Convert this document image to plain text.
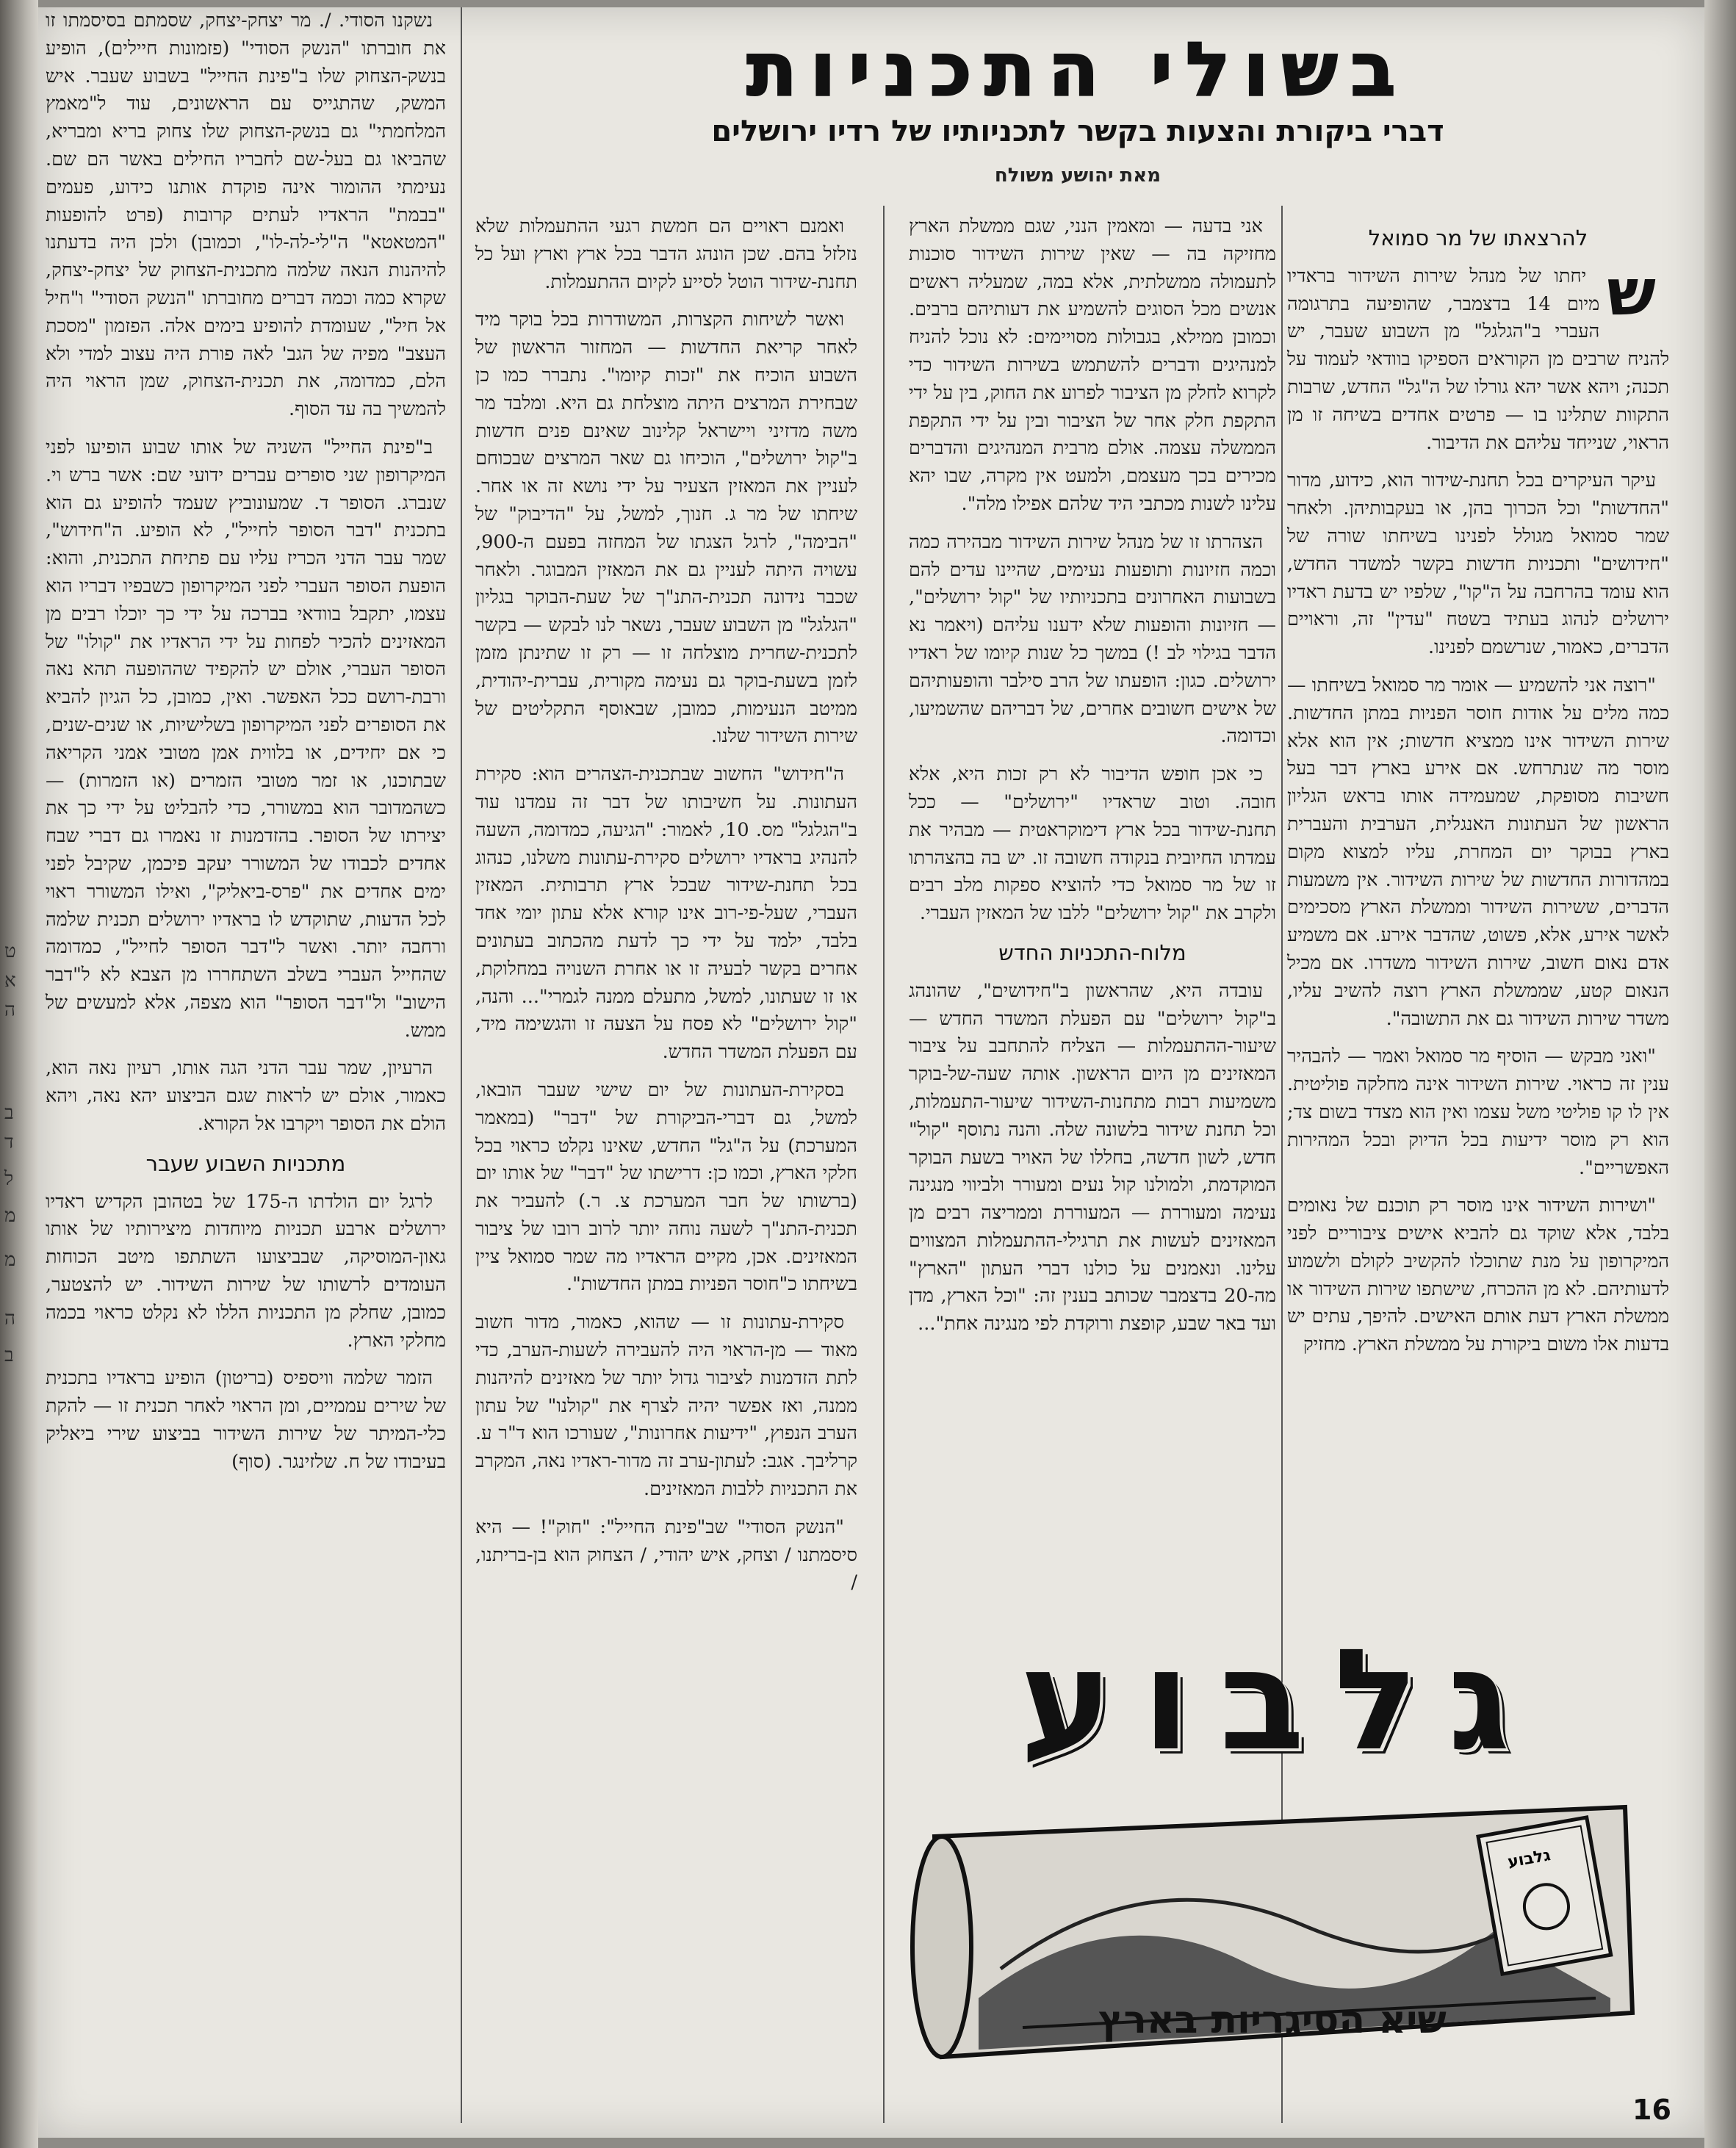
ט
א
ה
ב
ד
ל
מ
מ
ה
ב
בשולי התכניות
דברי ביקורת והצעות בקשר לתכניותיו של רדיו ירושלים
מאת יהושע משולח
להרצאתו של מר סמואל

ש
יחתו של מנהל שירות השידור בראדיו מיום 14 בדצמבר, שהופיעה בתרגומה העברי ב"הגלגל" מן השבוע שעבר, יש להניח שרבים מן הקוראים הספיקו בוודאי לעמוד על תכנה; ויהא אשר יהא גורלו של ה"גל" החדש, שרבות התקוות שתלינו בו — פרטים אחדים בשיחה זו מן הראוי, שנייחד עליהם את הדיבור.

עיקר העיקרים בכל תחנת-שידור הוא, כידוע, מדור "החדשות" וכל הכרוך בהן, או בעקבותיהן. ולאחר שמר סמואל מגולל לפנינו בשיחתו שורה של "חידושים" ותכניות חדשות בקשר למשדר החדש, הוא עומד בהרחבה על ה"קו", שלפיו יש בדעת ראדיו ירושלים לנהוג בעתיד בשטח "עדין" זה, וראויים הדברים, כאמור, שנרשמם לפנינו.

"רוצה אני להשמיע — אומר מר סמואל בשיחתו — כמה מלים על אודות חוסר הפניות במתן החדשות. שירות השידור אינו ממציא חדשות; אין הוא אלא מוסר מה שנתרחש. אם אירע בארץ דבר בעל חשיבות מסופקת, שמעמידה אותו בראש הגליון הראשון של העתונות האנגלית, הערבית והעברית בארץ בבוקר יום המחרת, עליו למצוא מקום במהדורות החדשות של שירות השידור. אין משמעות הדברים, ששירות השידור וממשלת הארץ מסכימים לאשר אירע, אלא, פשוט, שהדבר אירע. אם משמיע אדם נאום חשוב, שירות השידור משדרו. אם מכיל הנאום קטע, שממשלת הארץ רוצה להשיב עליו, משדר שירות השידור גם את התשובה".

"ואני מבקש — הוסיף מר סמואל ואמר — להבהיר ענין זה כראוי. שירות השידור אינה מחלקה פוליטית. אין לו קו פוליטי משל עצמו ואין הוא מצדד בשום צד; הוא רק מוסר ידיעות בכל הדיוק ובכל המהירות האפשריים".

"ושירות השידור אינו מוסר רק תוכנם של נאומים בלבד, אלא שוקד גם להביא אישים ציבוריים לפני המיקרופון על מנת שתוכלו להקשיב לקולם ולשמוע לדעותיהם. לא מן ההכרח, שישתפו שירות השידור או ממשלת הארץ דעת אותם האישים. להיפך, עתים יש בדעות אלו משום ביקורת על ממשלת הארץ. מחזיק

אני בדעה — ומאמין הנני, שגם ממשלת הארץ מחזיקה בה — שאין שירות השידור סוכנות לתעמולה ממשלתית, אלא במה, שמעליה ראשים אנשים מכל הסוגים להשמיע את דעותיהם ברבים. וכמובן ממילא, בגבולות מסויימים: לא נוכל להניח למנהיגים ודברים להשתמש בשירות השידור כדי לקרוא לחלק מן הציבור לפרוע את החוק, בין על ידי התקפת חלק אחר של הציבור ובין על ידי התקפת הממשלה עצמה. אולם מרבית המנהיגים והדברים מכירים בכך מעצמם, ולמעט אין מקרה, שבו יהא עלינו לשנות מכתבי היד שלהם אפילו מלה".

הצהרתו זו של מנהל שירות השידור מבהירה כמה וכמה חזיונות ותופעות נעימים, שהיינו עדים להם בשבועות האחרונים בתכניותיו של "קול ירושלים", — חזיונות והופעות שלא ידענו עליהם (ויאמר נא הדבר בגילוי לב !) במשך כל שנות קיומו של ראדיו ירושלים. כגון: הופעתו של הרב סילבר והופעותיהם של אישים חשובים אחרים, של דבריהם שהשמיעו, וכדומה.

כי אכן חופש הדיבור לא רק זכות היא, אלא חובה. וטוב שראדיו "ירושלים" — ככל תחנת-שידור בכל ארץ דימוקראטית — מבהיר את עמדתו החיובית בנקודה חשובה זו. יש בה בהצהרתו זו של מר סמואל כדי להוציא ספקות מלב רבים ולקרב את "קול ירושלים" ללבו של המאזין העברי.

מלוח-התכניות החדש

עובדה היא, שהראשון ב"חידושים", שהונהג ב"קול ירושלים" עם הפעלת המשדר החדש — שיעור-ההתעמלות — הצליח להתחבב על ציבור המאזינים מן היום הראשון. אותה שעה-של-בוקר משמיעות רבות מתחנות-השידור שיעור-התעמלות, וכל תחנת שידור בלשונה שלה. והנה נתוסף "קול" חדש, לשון חדשה, בחללו של האויר בשעת הבוקר המוקדמת, ולמולנו קול נעים ומעורר ולביווי מנגינה נעימה ומעוררת — המעוררת וממריצה רבים מן המאזינים לעשות את תרגילי-ההתעמלות המצווים עלינו. ונאמנים על כולנו דברי העתון "הארץ" מה-20 בדצמבר שכותב בענין זה: "וכל הארץ, מדן ועד באר שבע, קופצת ורוקדת לפי מנגינה אחת"...

ואמנם ראויים הם חמשת רגעי ההתעמלות שלא נזלזל בהם. שכן הונהג הדבר בכל ארץ וארץ ועל כל תחנת-שידור הוטל לסייע לקיום ההתעמלות.

ואשר לשיחות הקצרות, המשודרות בכל בוקר מיד לאחר קריאת החדשות — המחזור הראשון של השבוע הוכיח את "זכות קיומו". נתברר כמו כן שבחירת המרצים היתה מוצלחת גם היא. ומלבד מר משה מדזיני ויישראל קלינוב שאינם פנים חדשות ב"קול ירושלים", הוכיחו גם שאר המרצים שבכוחם לעניין את המאזין הצעיר על ידי נושא זה או אחר. שיחתו של מר ג. חנוך, למשל, על "הדיבוק" של "הבימה", לרגל הצגתו של המחזה בפעם ה-900, עשויה היתה לעניין גם את המאזין המבוגר. ולאחר שכבר נידונה תכנית-התנ"ך של שעת-הבוקר בגליון "הגלגל" מן השבוע שעבר, נשאר לנו לבקש — בקשר לתכנית-שחרית מוצלחה זו — רק זו שתינתן מזמן לזמן בשעת-בוקר גם נעימה מקורית, עברית-יהודית, ממיטב הנעימות, כמובן, שבאוסף התקליטים של שירות השידור שלנו.

ה"חידוש" החשוב שבתכנית-הצהרים הוא: סקירת העתונות. על חשיבותו של דבר זה עמדנו עוד ב"הגלגל" מס. 10, לאמור: "הגיעה, כמדומה, השעה להנהיג בראדיו ירושלים סקירת-עתונות משלנו, כנהוג בכל תחנת-שידור שבכל ארץ תרבותית. המאזין העברי, שעל-פי-רוב אינו קורא אלא עתון יומי אחד בלבד, ילמד על ידי כך לדעת מהכתוב בעתונים אחרים בקשר לבעיה זו או אחרת השנויה במחלוקת, או זו שעתונו, למשל, מתעלם ממנה לגמרי"... והנה, "קול ירושלים" לא פסח על הצעה זו והגשימה מיד, עם הפעלת המשדר החדש.

בסקירת-העתונות של יום שישי שעבר הובאו, למשל, גם דברי-הביקורת של "דבר" (במאמר המערכת) על ה"גל" החדש, שאינו נקלט כראוי בכל חלקי הארץ, וכמו כן: דרישתו של "דבר" של אותו יום (ברשותו של חבר המערכת צ. ר.) להעביר את תכנית-התנ"ך לשעה נוחה יותר לרוב רובו של ציבור המאזינים. אכן, מקיים הראדיו מה שמר סמואל ציין בשיחתו כ"חוסר הפניות במתן החדשות".

סקירת-עתונות זו — שהוא, כאמור, מדור חשוב מאוד — מן-הראוי היה להעבירה לשעות-הערב, כדי לתת הזדמנות לציבור גדול יותר של מאזינים להיהנות ממנה, ואז אפשר יהיה לצרף את "קולנו" של עתון הערב הנפוץ, "ידיעות אחרונות", שעורכו הוא ד"ר ע. קרליבך. אגב: לעתון-ערב זה מדור-ראדיו נאה, המקרב את התכניות ללבות המאזינים.

"הנשק הסודי" שב"פינת החייל": "חוק"! — היא סיסמתנו / וצחק, איש יהודי, / הצחוק הוא בן-בריתנו, /

נשקנו הסודי. /. מר יצחק-יצחק, שסמתם בסיסמתו זו את חוברתו "הנשק הסודי" (פזמונות חיילים), הופיע בנשק-הצחוק שלו ב"פינת החייל" בשבוע שעבר. איש המשק, שהתגייס עם הראשונים, עוד ל"מאמץ המלחמתי" גם בנשק-הצחוק שלו צחוק בריא ומבריא, שהביאו גם בעל-שם לחבריו החילים באשר הם שם. נעימתי ההומור אינה פוקדת אותנו כידוע, פעמים "בבמת" הראדיו לעתים קרובות (פרט להופעות "המטאטא" ה"לי-לה-לו", וכמובן) ולכן היה בדעתנו להיהנות הנאה שלמה מתכנית-הצחוק של יצחק-יצחק, שקרא כמה וכמה דברים מחוברתו "הנשק הסודי" ו"חיל אל חיל", שעומדת להופיע בימים אלה. הפזמון "מסכת העצב" מפיה של הגב' לאה פורת היה עצוב למדי ולא הלם, כמדומה, את תכנית-הצחוק, שמן הראוי היה להמשיך בה עד הסוף.

ב"פינת החייל" השניה של אותו שבוע הופיעו לפני המיקרופון שני סופרים עברים ידועי שם: אשר ברש וי. שנברג. הסופר ד. שמעונוביץ שעמד להופיע גם הוא בתכנית "דבר הסופר לחייל", לא הופיע. ה"חידוש", שמר עבר הדני הכריז עליו עם פתיחת התכנית, והוא: הופעת הסופר העברי לפני המיקרופון כשבפיו דבריו הוא עצמו, יתקבל בוודאי בברכה על ידי כך יוכלו רבים מן המאזינים להכיר לפחות על ידי הראדיו את "קולו" של הסופר העברי, אולם יש להקפיד שההופעה תהא נאה ורבת-רושם ככל האפשר. ואין, כמובן, כל הגיון להביא את הסופרים לפני המיקרופון בשלישיות, או שנים-שנים, כי אם יחידים, או בלווית אמן מטובי אמני הקריאה שבתוכנו, או זמר מטובי הזמרים (או הזמרות) — כשהמדובר הוא במשורר, כדי להבליט על ידי כך את יצירתו של הסופר. בהזדמנות זו נאמרו גם דברי שבח אחדים לכבודו של המשורר יעקב פיכמן, שקיבל לפני ימים אחדים את "פרס-ביאליק", ואילו המשורר ראוי לכל הדעות, שתוקדש לו בראדיו ירושלים תכנית שלמה ורחבה יותר. ואשר ל"דבר הסופר לחייל", כמדומה שהחייל העברי בשלב השתחררו מן הצבא לא ל"דבר הישוב" ול"דבר הסופר" הוא מצפה, אלא למעשים של ממש.

הרעיון, שמר עבר הדני הגה אותו, רעיון נאה הוא, כאמור, אולם יש לראות שגם הביצוע יהא נאה, ויהא הולם את הסופר ויקרבו אל הקורא.

מתכניות השבוע שעבר

לרגל יום הולדתו ה-175 של בטהובן הקדיש ראדיו ירושלים ארבע תכניות מיוחדות מיצירותיו של אותו גאון-המוסיקה, שבביצועו השתתפו מיטב הכוחות העומדים לרשותו של שירות השידור. יש להצטער, כמובן, שחלק מן התכניות הללו לא נקלט כראוי בכמה מחלקי הארץ.

הזמר שלמה וויספיס (בריטון) הופיע בראדיו בתכנית של שירים עממיים, ומן הראוי לאחר תכנית זו — להקת כלי-המיתר של שירות השידור בביצוע שירי ביאליק בעיבודו של ח. שלזינגר. (סוף)

גלבוע
גלבוע
שיא הסיגריות בארץ
16
